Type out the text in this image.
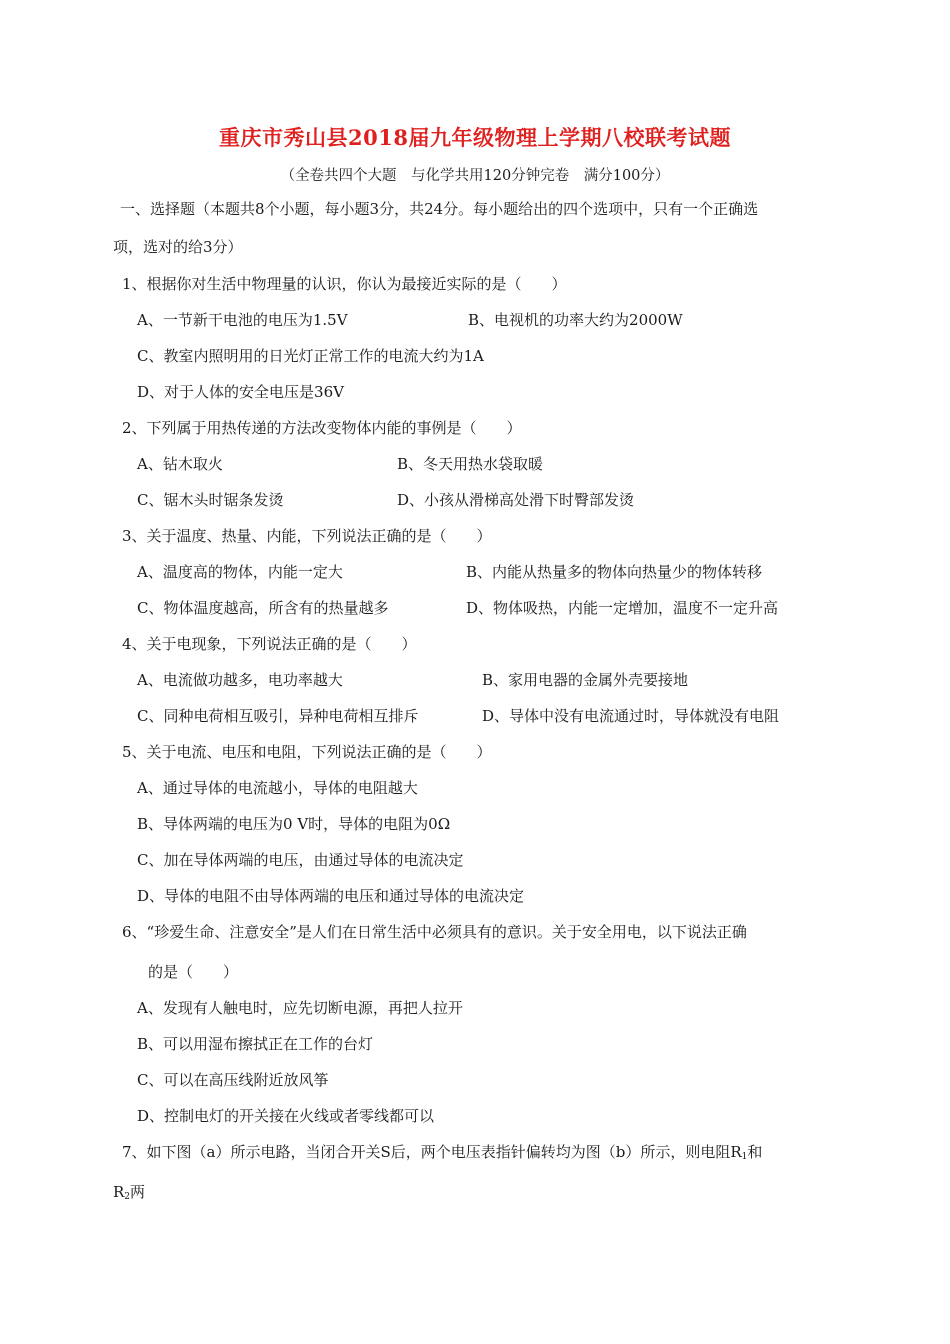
重庆市秀山县2018届九年级物理上学期八校联考试题
（全卷共四个大题　与化学共用120分钟完卷　满分100分）
一、选择题（本题共8个小题，每小题3分，共24分。每小题给出的四个选项中，只有一个正确选
项，选对的给3分）
1、根据你对生活中物理量的认识，你认为最接近实际的是（　　）
A、一节新干电池的电压为1.5V	B、电视机的功率大约为2000W
C、教室内照明用的日光灯正常工作的电流大约为1A
D、对于人体的安全电压是36V
2、下列属于用热传递的方法改变物体内能的事例是（　　）
A、钻木取火	B、冬天用热水袋取暖
C、锯木头时锯条发烫	D、小孩从滑梯高处滑下时臀部发烫
3、关于温度、热量、内能，下列说法正确的是（　　）
A、温度高的物体，内能一定大	B、内能从热量多的物体向热量少的物体转移
C、物体温度越高，所含有的热量越多	D、物体吸热，内能一定增加，温度不一定升高
4、关于电现象，下列说法正确的是（　　）
A、电流做功越多，电功率越大	B、家用电器的金属外壳要接地
C、同种电荷相互吸引，异种电荷相互排斥	D、导体中没有电流通过时，导体就没有电阻
5、关于电流、电压和电阻，下列说法正确的是（　　）
A、通过导体的电流越小，导体的电阻越大
B、导体两端的电压为0 V时，导体的电阻为0Ω
C、加在导体两端的电压，由通过导体的电流决定
D、导体的电阻不由导体两端的电压和通过导体的电流决定
6、“珍爱生命、注意安全”是人们在日常生活中必须具有的意识。关于安全用电，以下说法正确
的是（　　）
A、发现有人触电时，应先切断电源，再把人拉开
B、可以用湿布擦拭正在工作的台灯
C、可以在高压线附近放风筝
D、控制电灯的开关接在火线或者零线都可以
7、如下图（a）所示电路，当闭合开关S后，两个电压表指针偏转均为图（b）所示，则电阻$R_1$和
$R_2$两
